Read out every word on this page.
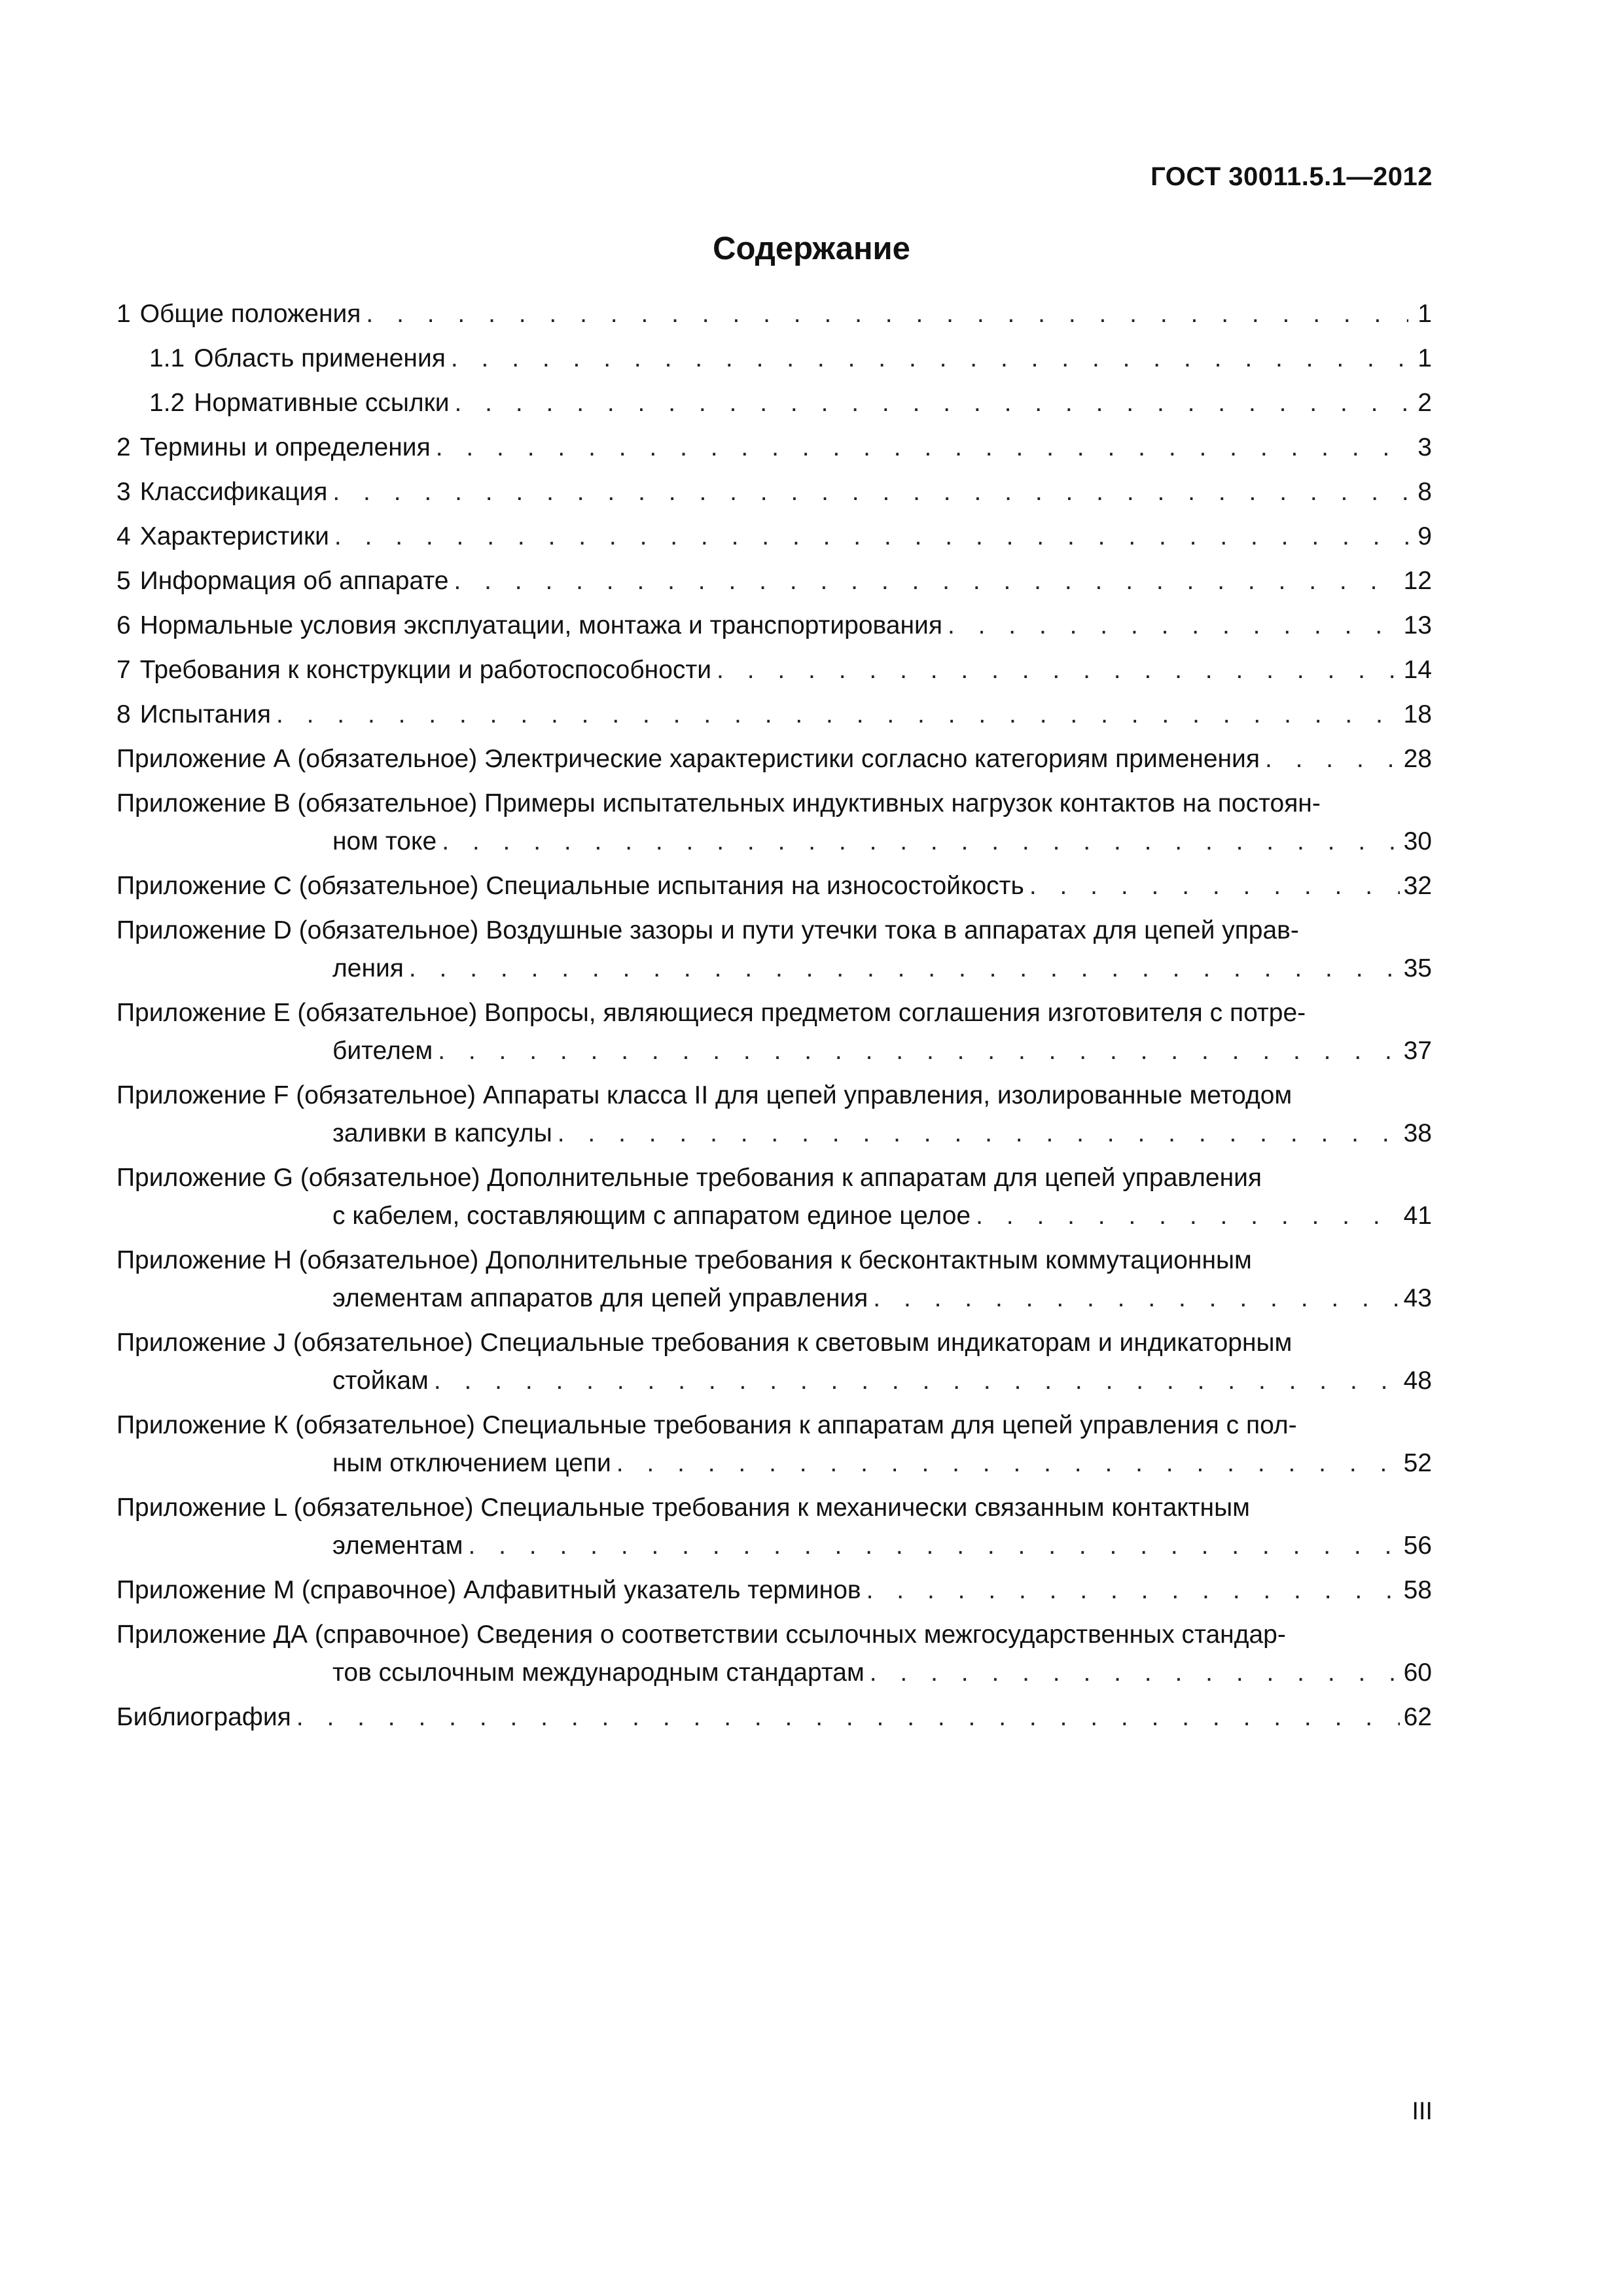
ГОСТ 30011.5.1—2012
Содержание
1 Общие положения . . .	1
1.1 Область применения . . .	1
1.2 Нормативные ссылки . . .	2
2 Термины и определения . . .	3
3 Классификация . . .	8
4 Характеристики . . .	9
5 Информация об аппарате . . .	12
6 Нормальные условия эксплуатации, монтажа и транспортирования . . .	13
7 Требования к конструкции и работоспособности . . .	14
8 Испытания . . .	18
Приложение А (обязательное) Электрические характеристики согласно категориям применения . . .	28
Приложение В (обязательное) Примеры испытательных индуктивных нагрузок контактов на постоян-
ном токе . . .	30
Приложение С (обязательное) Специальные испытания на износостойкость . . .	32
Приложение D (обязательное) Воздушные зазоры и пути утечки тока в аппаратах для цепей управ-
ления . . .	35
Приложение Е (обязательное) Вопросы, являющиеся предметом соглашения изготовителя с потре-
бителем . . .	37
Приложение F (обязательное) Аппараты класса II для цепей управления, изолированные методом
заливки в капсулы . . .	38
Приложение G (обязательное) Дополнительные требования к аппаратам для цепей управления
с кабелем, составляющим с аппаратом единое целое . . .	41
Приложение Н (обязательное) Дополнительные требования к бесконтактным коммутационным
элементам аппаратов для цепей управления . . .	43
Приложение J (обязательное) Специальные требования к световым индикаторам и индикаторным
стойкам . . .	48
Приложение К (обязательное) Специальные требования к аппаратам для цепей управления с пол-
ным отключением цепи . . .	52
Приложение L (обязательное) Специальные требования к механически связанным контактным
элементам . . .	56
Приложение М (справочное) Алфавитный указатель терминов . . .	58
Приложение ДА (справочное) Сведения о соответствии ссылочных межгосударственных стандар-
тов ссылочным международным стандартам . . .	60
Библиография . . .	62
III
